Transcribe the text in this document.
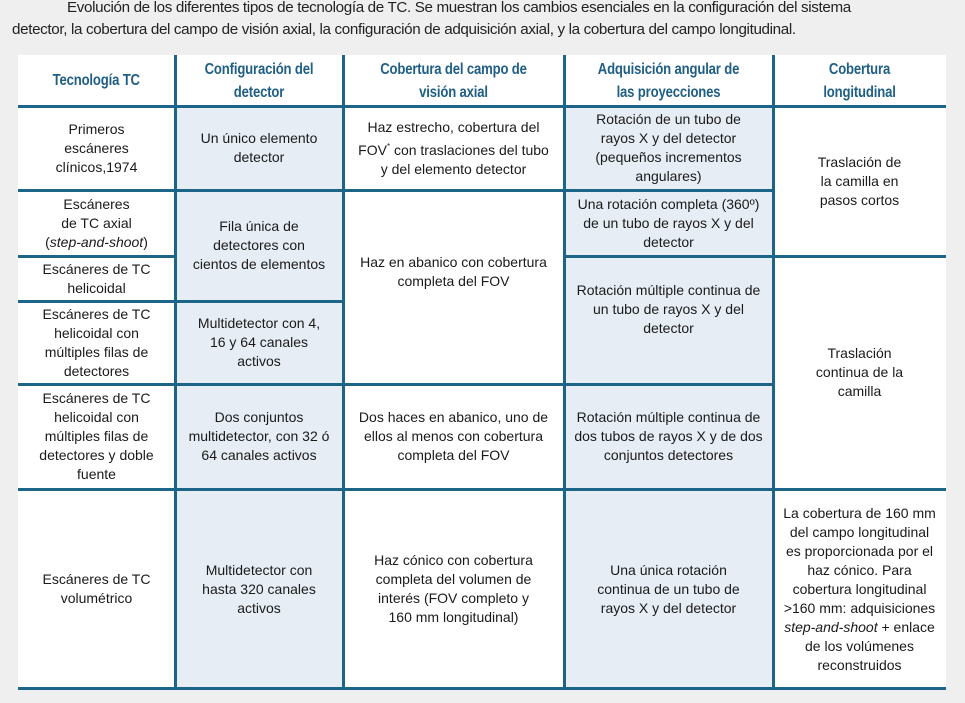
Evolución de los diferentes tipos de tecnología de TC. Se muestran los cambios esenciales en la configuración del sistema
detector, la cobertura del campo de visión axial, la configuración de adquisición axial, y la cobertura del campo longitudinal.
Tecnología TC
Configuración del detector
Cobertura del campo de visión axial
Adquisición angular de las proyecciones
Cobertura longitudinal
Primeros escáneres clínicos,1974
Escáneres de TC axial
(step-and-shoot)
Escáneres de TC helicoidal
Escáneres de TC helicoidal con múltiples filas de detectores
Escáneres de TC helicoidal con múltiples filas de detectores y doble fuente
Escáneres de TC volumétrico
Un único elemento detector
Fila única de detectores con cientos de elementos
Multidetector con 4, 16 y 64 canales activos
Dos conjuntos multidetector, con 32 ó 64 canales activos
Multidetector con hasta 320 canales activos
Haz estrecho, cobertura del FOV* con traslaciones del tubo y del elemento detector
Haz en abanico con cobertura completa del FOV
Dos haces en abanico, uno de ellos al menos con cobertura completa del FOV
Haz cónico con cobertura completa del volumen de interés (FOV completo y 160 mm longitudinal)
Rotación de un tubo de rayos X y del detector (pequeños incrementos angulares)
Una rotación completa (360º) de un tubo de rayos X y del detector
Rotación múltiple continua de un tubo de rayos X y del detector
Rotación múltiple continua de dos tubos de rayos X y de dos conjuntos detectores
Una única rotación continua de un tubo de rayos X y del detector
Traslación de la camilla en pasos cortos
Traslación continua de la camilla
La cobertura de 160 mm del campo longitudinal es proporcionada por el haz cónico. Para cobertura longitudinal >160 mm: adquisiciones step-and-shoot + enlace de los volúmenes reconstruidos
